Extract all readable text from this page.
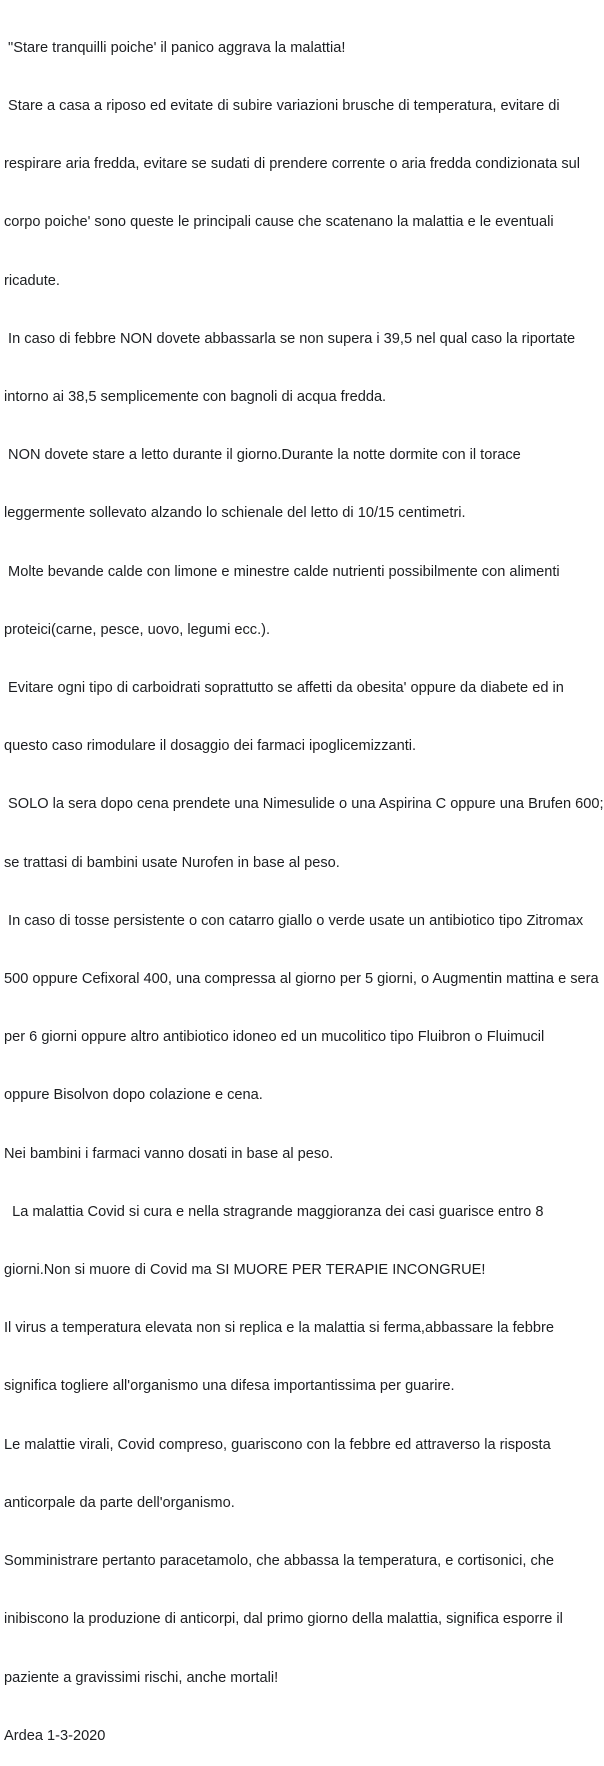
"Stare tranquilli poiche' il panico aggrava la malattia!

Stare a casa a riposo ed evitate di subire variazioni brusche di temperatura, evitare di

respirare aria fredda, evitare se sudati di prendere corrente o aria fredda condizionata sul

corpo poiche' sono queste le principali cause che scatenano la malattia e le eventuali

ricadute.

In caso di febbre NON dovete abbassarla se non supera i 39,5 nel qual caso la riportate

intorno ai 38,5 semplicemente con bagnoli di acqua fredda.

NON dovete stare a letto durante il giorno.Durante la notte dormite con il torace

leggermente sollevato alzando lo schienale del letto di 10/15 centimetri.

Molte bevande calde con limone e minestre calde nutrienti possibilmente con alimenti

proteici(carne, pesce, uovo, legumi ecc.).

Evitare ogni tipo di carboidrati soprattutto se affetti da obesita' oppure da diabete ed in

questo caso rimodulare il dosaggio dei farmaci ipoglicemizzanti.

SOLO la sera dopo cena prendete una Nimesulide o una Aspirina C oppure una Brufen 600;

se trattasi di bambini usate Nurofen in base al peso.

In caso di tosse persistente o con catarro giallo o verde usate un antibiotico tipo Zitromax

500 oppure Cefixoral 400, una compressa al giorno per 5 giorni, o Augmentin mattina e sera

per 6 giorni oppure altro antibiotico idoneo ed un mucolitico tipo Fluibron o Fluimucil

oppure Bisolvon dopo colazione e cena.

Nei bambini i farmaci vanno dosati in base al peso.

La malattia Covid si cura e nella stragrande maggioranza dei casi guarisce entro 8

giorni.Non si muore di Covid ma SI MUORE PER TERAPIE INCONGRUE!

Il virus a temperatura elevata non si replica e la malattia si ferma,abbassare la febbre

significa togliere all'organismo una difesa importantissima per guarire.

Le malattie virali, Covid compreso, guariscono con la febbre ed attraverso la risposta

anticorpale da parte dell'organismo.

Somministrare pertanto paracetamolo, che abbassa la temperatura, e cortisonici, che

inibiscono la produzione di anticorpi, dal primo giorno della malattia, significa esporre il

paziente a gravissimi rischi, anche mortali!

Ardea 1-3-2020
